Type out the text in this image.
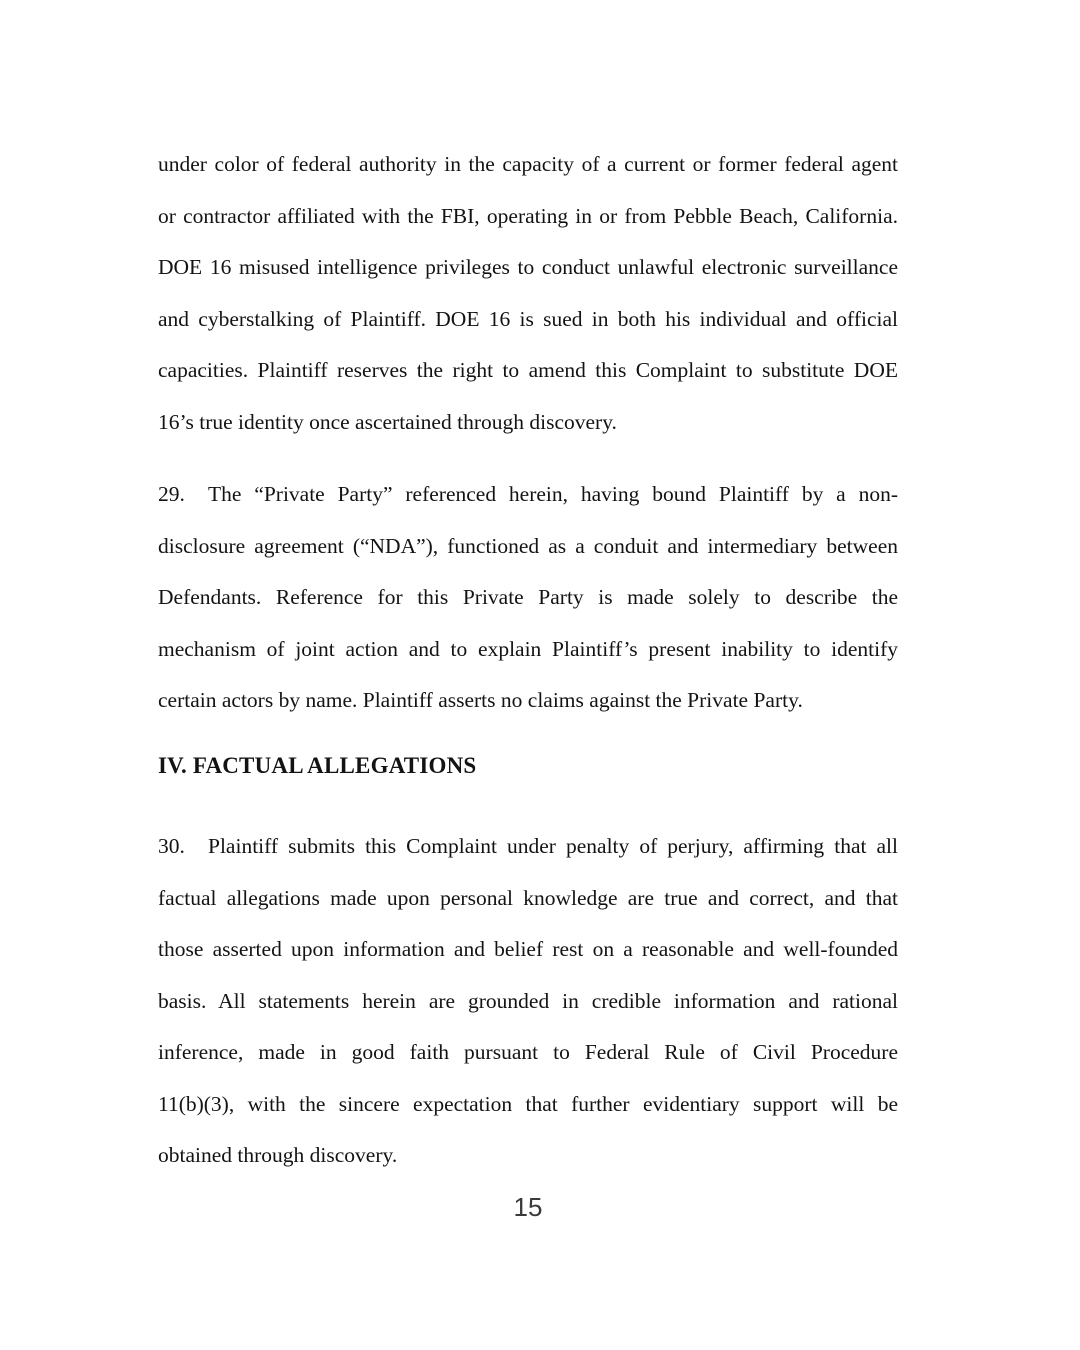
under color of federal authority in the capacity of a current or former federal agent
or contractor affiliated with the FBI, operating in or from Pebble Beach, California.
DOE 16 misused intelligence privileges to conduct unlawful electronic surveillance
and cyberstalking of Plaintiff. DOE 16 is sued in both his individual and official
capacities. Plaintiff reserves the right to amend this Complaint to substitute DOE
16’s true identity once ascertained through discovery.
29. The “Private Party” referenced herein, having bound Plaintiff by a non-
disclosure agreement (“NDA”), functioned as a conduit and intermediary between
Defendants. Reference for this Private Party is made solely to describe the
mechanism of joint action and to explain Plaintiff’s present inability to identify
certain actors by name. Plaintiff asserts no claims against the Private Party.
IV. FACTUAL ALLEGATIONS
30. Plaintiff submits this Complaint under penalty of perjury, affirming that all
factual allegations made upon personal knowledge are true and correct, and that
those asserted upon information and belief rest on a reasonable and well-founded
basis. All statements herein are grounded in credible information and rational
inference, made in good faith pursuant to Federal Rule of Civil Procedure
11(b)(3), with the sincere expectation that further evidentiary support will be
obtained through discovery.
15
